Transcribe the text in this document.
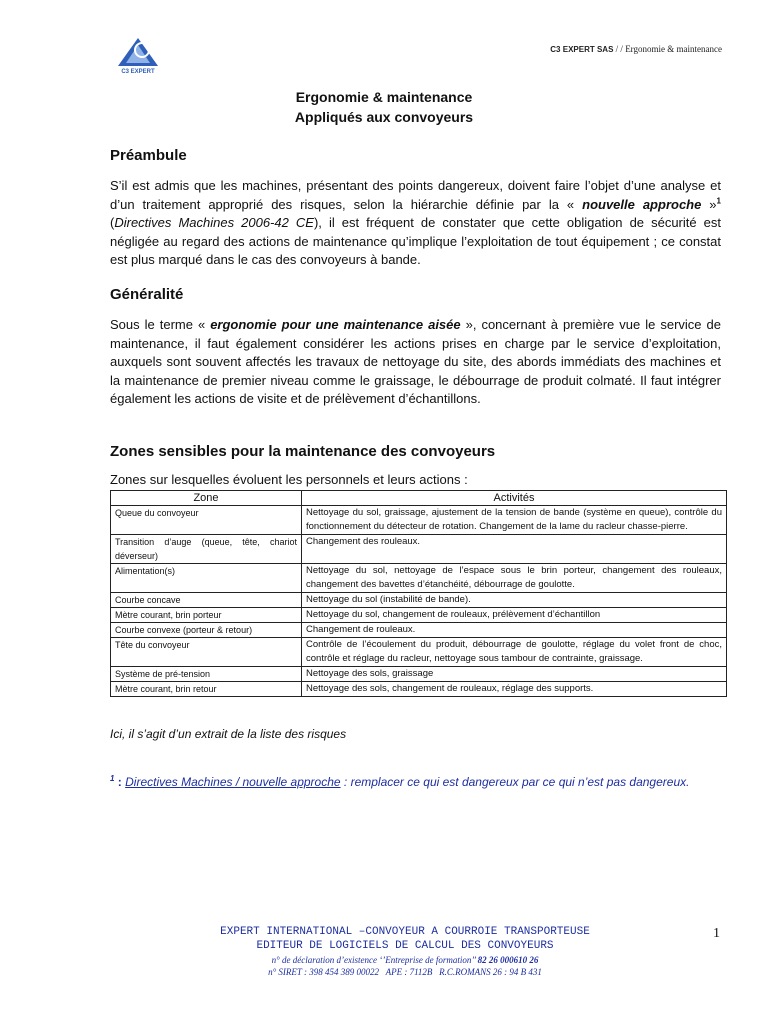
C3 EXPERT
C3 EXPERT SAS / / Ergonomie & maintenance
Ergonomie & maintenance
Appliqués aux convoyeurs
Préambule
S’il est admis que les machines, présentant des points dangereux, doivent faire l’objet d’une analyse et d’un traitement approprié des risques, selon la hiérarchie définie par la « nouvelle approche »$^1$ (Directives Machines 2006-42 CE), il est fréquent de constater que cette obligation de sécurité est négligée au regard des actions de maintenance qu’implique l’exploitation de tout équipement ; ce constat est plus marqué dans le cas des convoyeurs à bande.
Généralité
Sous le terme « ergonomie pour une maintenance aisée », concernant à première vue le service de maintenance, il faut également considérer les actions prises en charge par le service d’exploitation, auxquels sont souvent affectés les travaux de nettoyage du site, des abords immédiats des machines et la maintenance de premier niveau comme le graissage, le débourrage de produit colmaté. Il faut intégrer également les actions de visite et de prélèvement d’échantillons.
Zones sensibles pour la maintenance des convoyeurs
Zones sur lesquelles évoluent les personnels et leurs actions :
Zone	Activités
Queue du convoyeur	Nettoyage du sol, graissage, ajustement de la tension de bande (système en queue), contrôle du fonctionnement du détecteur de rotation. Changement de la lame du racleur chasse-pierre.
Transition d’auge (queue, tête, chariot déverseur)	Changement des rouleaux.
Alimentation(s)	Nettoyage du sol, nettoyage de l’espace sous le brin porteur, changement des rouleaux, changement des bavettes d’étanchéité, débourrage de goulotte.
Courbe concave	Nettoyage du sol (instabilité de bande).
Mètre courant, brin porteur	Nettoyage du sol, changement de rouleaux, prélèvement d’échantillon
Courbe convexe (porteur & retour)	Changement de rouleaux.
Tête du convoyeur	Contrôle de l’écoulement du produit, débourrage de goulotte, réglage du volet front de choc, contrôle et réglage du racleur, nettoyage sous tambour de contrainte, graissage.
Système de pré-tension	Nettoyage des sols, graissage
Mètre courant, brin retour	Nettoyage des sols, changement de rouleaux, réglage des supports.
Ici, il s’agit d’un extrait de la liste des risques
$^1$ : Directives Machines / nouvelle approche : remplacer ce qui est dangereux par ce qui n’est pas dangereux.
EXPERT INTERNATIONAL –CONVOYEUR A COURROIE TRANSPORTEUSE
EDITEUR DE LOGICIELS DE CALCUL DES CONVOYEURS
n° de déclaration d’existence ‘’Entreprise de formation’’ 82 26 000610 26
n° SIRET : 398 454 389 00022   APE : 7112B   R.C.ROMANS 26 : 94 B 431
1
